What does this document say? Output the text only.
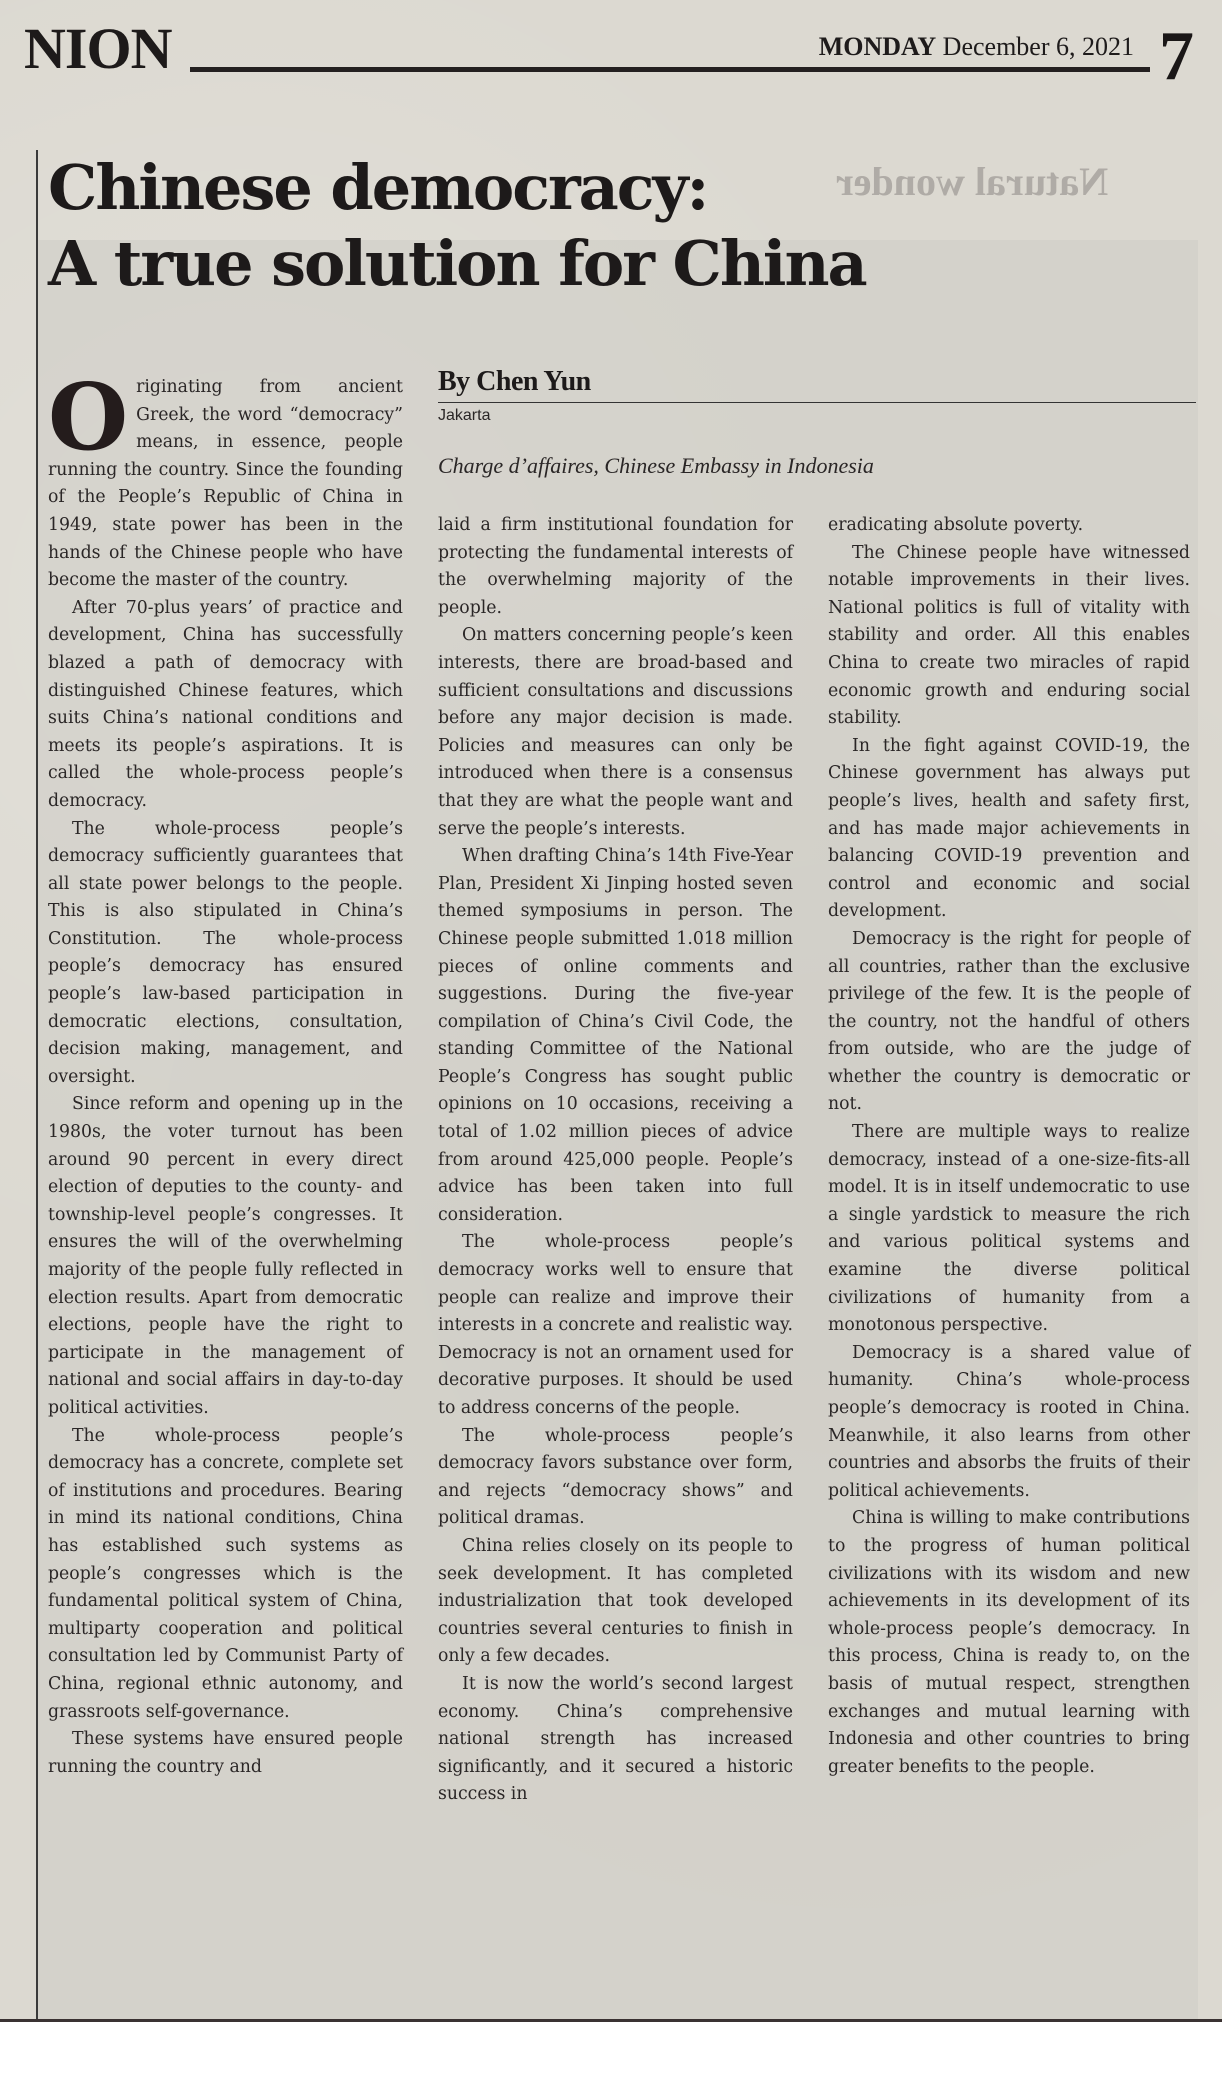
NION	MONDAY December 6, 2021 7
Natural wonder
Chinese democracy:
A true solution for China
By Chen Yun
Jakarta
Charge d’affaires, Chinese Embassy in Indonesia
O riginating from ancient Greek, the word “democracy” means, in essence, people running the country. Since the founding of the People’s Republic of China in 1949, state power has been in the hands of the Chinese people who have become the master of the country.

After 70-plus years’ of practice and development, China has successfully blazed a path of democracy with distinguished Chinese features, which suits China’s national conditions and meets its people’s aspirations. It is called the whole-process people’s democracy.

The whole-process people’s democracy sufficiently guarantees that all state power belongs to the people. This is also stipulated in China’s Constitution. The whole-process people’s democracy has ensured people’s law-based participation in democratic elections, consultation, decision making, management, and oversight.

Since reform and opening up in the 1980s, the voter turnout has been around 90 percent in every direct election of deputies to the county- and township-level people’s congresses. It ensures the will of the overwhelming majority of the people fully reflected in election results. Apart from democratic elections, people have the right to participate in the management of national and social affairs in day-to-day political activities.

The whole-process people’s democracy has a concrete, complete set of institutions and procedures. Bearing in mind its national conditions, China has established such systems as people’s congresses which is the fundamental political system of China, multiparty cooperation and political consultation led by Communist Party of China, regional ethnic autonomy, and grassroots self-governance.

These systems have ensured people running the country and

laid a firm institutional foundation for protecting the fundamental interests of the overwhelming majority of the people.

On matters concerning people’s keen interests, there are broad-based and sufficient consultations and discussions before any major decision is made. Policies and measures can only be introduced when there is a consensus that they are what the people want and serve the people’s interests.

When drafting China’s 14th Five-Year Plan, President Xi Jinping hosted seven themed symposiums in person. The Chinese people submitted 1.018 million pieces of online comments and suggestions. During the five-year compilation of China’s Civil Code, the standing Committee of the National People’s Congress has sought public opinions on 10 occasions, receiving a total of 1.02 million pieces of advice from around 425,000 people. People’s advice has been taken into full consideration.

The whole-process people’s democracy works well to ensure that people can realize and improve their interests in a concrete and realistic way. Democracy is not an ornament used for decorative purposes. It should be used to address concerns of the people.

The whole-process people’s democracy favors substance over form, and rejects “democracy shows” and political dramas.

China relies closely on its people to seek development. It has completed industrialization that took developed countries several centuries to finish in only a few decades.

It is now the world’s second largest economy. China’s comprehensive national strength has increased significantly, and it secured a historic success in

eradicating absolute poverty.

The Chinese people have witnessed notable improvements in their lives. National politics is full of vitality with stability and order. All this enables China to create two miracles of rapid economic growth and enduring social stability.

In the fight against COVID-19, the Chinese government has always put people’s lives, health and safety first, and has made major achievements in balancing COVID-19 prevention and control and economic and social development.

Democracy is the right for people of all countries, rather than the exclusive privilege of the few. It is the people of the country, not the handful of others from outside, who are the judge of whether the country is democratic or not.

There are multiple ways to realize democracy, instead of a one-size-fits-all model. It is in itself undemocratic to use a single yardstick to measure the rich and various political systems and examine the diverse political civilizations of humanity from a monotonous perspective.

Democracy is a shared value of humanity. China’s whole-process people’s democracy is rooted in China. Meanwhile, it also learns from other countries and absorbs the fruits of their political achievements.

China is willing to make contributions to the progress of human political civilizations with its wisdom and new achievements in its development of its whole-process people’s democracy. In this process, China is ready to, on the basis of mutual respect, strengthen exchanges and mutual learning with Indonesia and other countries to bring greater benefits to the people.
